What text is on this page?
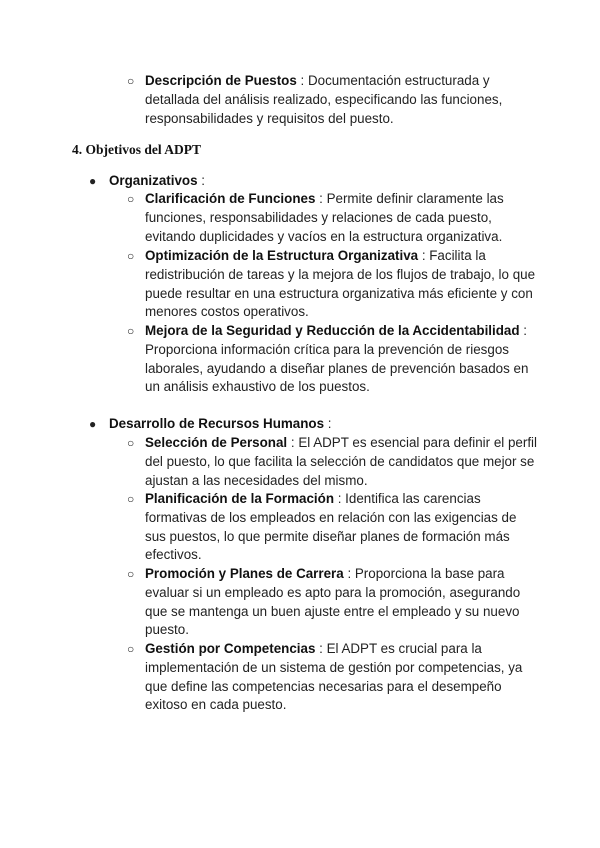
○ Descripción de Puestos : Documentación estructurada y detallada del análisis realizado, especificando las funciones, responsabilidades y requisitos del puesto.
4. Objetivos del ADPT
● Organizativos :
○ Clarificación de Funciones : Permite definir claramente las funciones, responsabilidades y relaciones de cada puesto, evitando duplicidades y vacíos en la estructura organizativa.
○ Optimización de la Estructura Organizativa : Facilita la redistribución de tareas y la mejora de los flujos de trabajo, lo que puede resultar en una estructura organizativa más eficiente y con menores costos operativos.
○ Mejora de la Seguridad y Reducción de la Accidentabilidad : Proporciona información crítica para la prevención de riesgos laborales, ayudando a diseñar planes de prevención basados en un análisis exhaustivo de los puestos.
● Desarrollo de Recursos Humanos :
○ Selección de Personal : El ADPT es esencial para definir el perfil del puesto, lo que facilita la selección de candidatos que mejor se ajustan a las necesidades del mismo.
○ Planificación de la Formación : Identifica las carencias formativas de los empleados en relación con las exigencias de sus puestos, lo que permite diseñar planes de formación más efectivos.
○ Promoción y Planes de Carrera : Proporciona la base para evaluar si un empleado es apto para la promoción, asegurando que se mantenga un buen ajuste entre el empleado y su nuevo puesto.
○ Gestión por Competencias : El ADPT es crucial para la implementación de un sistema de gestión por competencias, ya que define las competencias necesarias para el desempeño exitoso en cada puesto.
